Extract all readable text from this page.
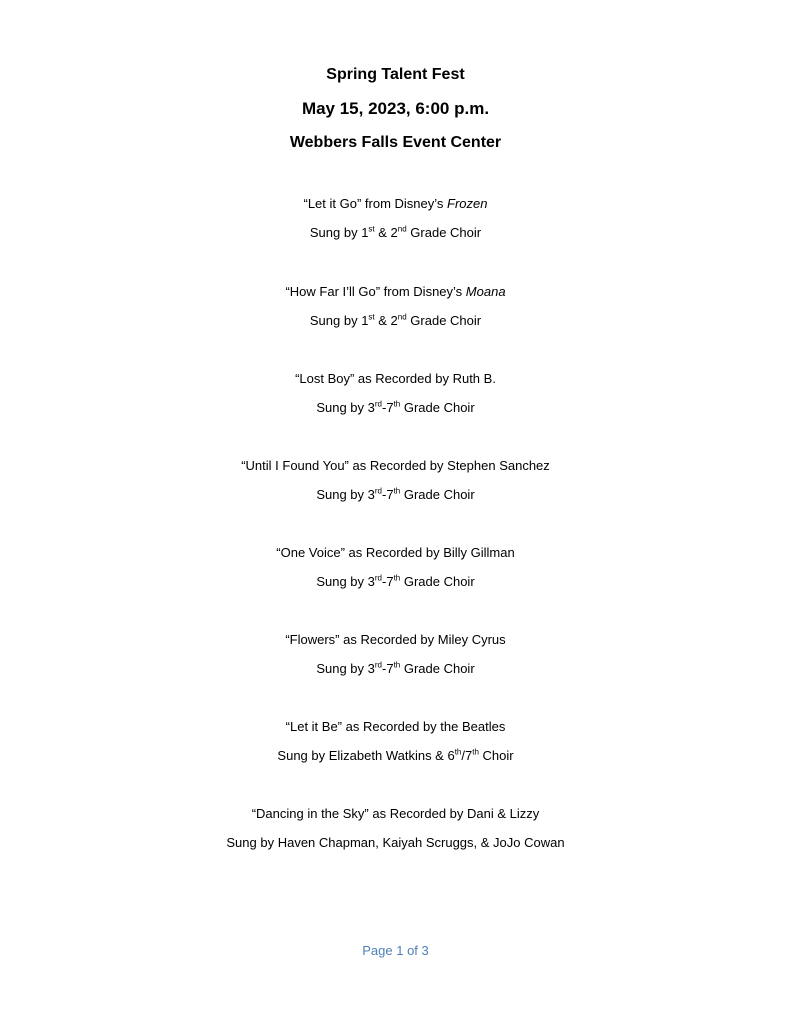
Spring Talent Fest
May 15, 2023, 6:00 p.m.
Webbers Falls Event Center
“Let it Go” from Disney’s Frozen
Sung by 1st & 2nd Grade Choir
“How Far I’ll Go” from Disney’s Moana
Sung by 1st & 2nd Grade Choir
“Lost Boy” as Recorded by Ruth B.
Sung by 3rd-7th Grade Choir
“Until I Found You” as Recorded by Stephen Sanchez
Sung by 3rd-7th Grade Choir
“One Voice” as Recorded by Billy Gillman
Sung by 3rd-7th Grade Choir
“Flowers” as Recorded by Miley Cyrus
Sung by 3rd-7th Grade Choir
“Let it Be” as Recorded by the Beatles
Sung by Elizabeth Watkins & 6th/7th Choir
“Dancing in the Sky” as Recorded by Dani & Lizzy
Sung by Haven Chapman, Kaiyah Scruggs, & JoJo Cowan
Page 1 of 3
